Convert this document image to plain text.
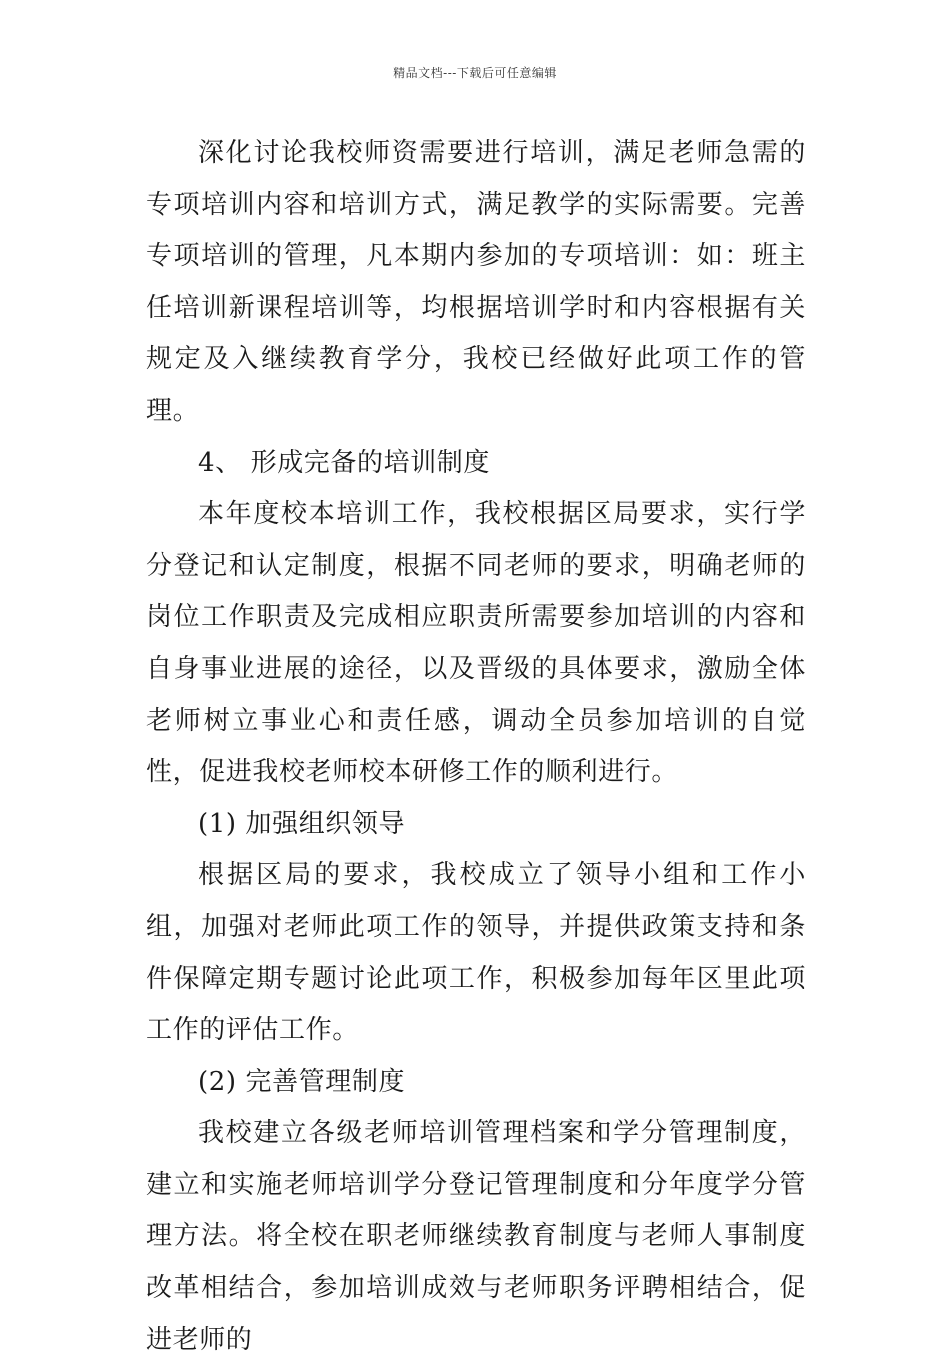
精品文档---下载后可任意编辑

深化讨论我校师资需要进行培训，满足老师急需的专项培训内容和培训方式，满足教学的实际需要。完善专项培训的管理，凡本期内参加的专项培训：如：班主任培训新课程培训等，均根据培训学时和内容根据有关规定及入继续教育学分，我校已经做好此项工作的管理。

4、 形成完备的培训制度

本年度校本培训工作，我校根据区局要求，实行学分登记和认定制度，根据不同老师的要求，明确老师的岗位工作职责及完成相应职责所需要参加培训的内容和自身事业进展的途径，以及晋级的具体要求，激励全体老师树立事业心和责任感，调动全员参加培训的自觉性，促进我校老师校本研修工作的顺利进行。

(1) 加强组织领导

根据区局的要求，我校成立了领导小组和工作小组，加强对老师此项工作的领导，并提供政策支持和条件保障定期专题讨论此项工作，积极参加每年区里此项工作的评估工作。

(2) 完善管理制度

我校建立各级老师培训管理档案和学分管理制度，建立和实施老师培训学分登记管理制度和分年度学分管理方法。将全校在职老师继续教育制度与老师人事制度改革相结合，参加培训成效与老师职务评聘相结合，促进老师的
